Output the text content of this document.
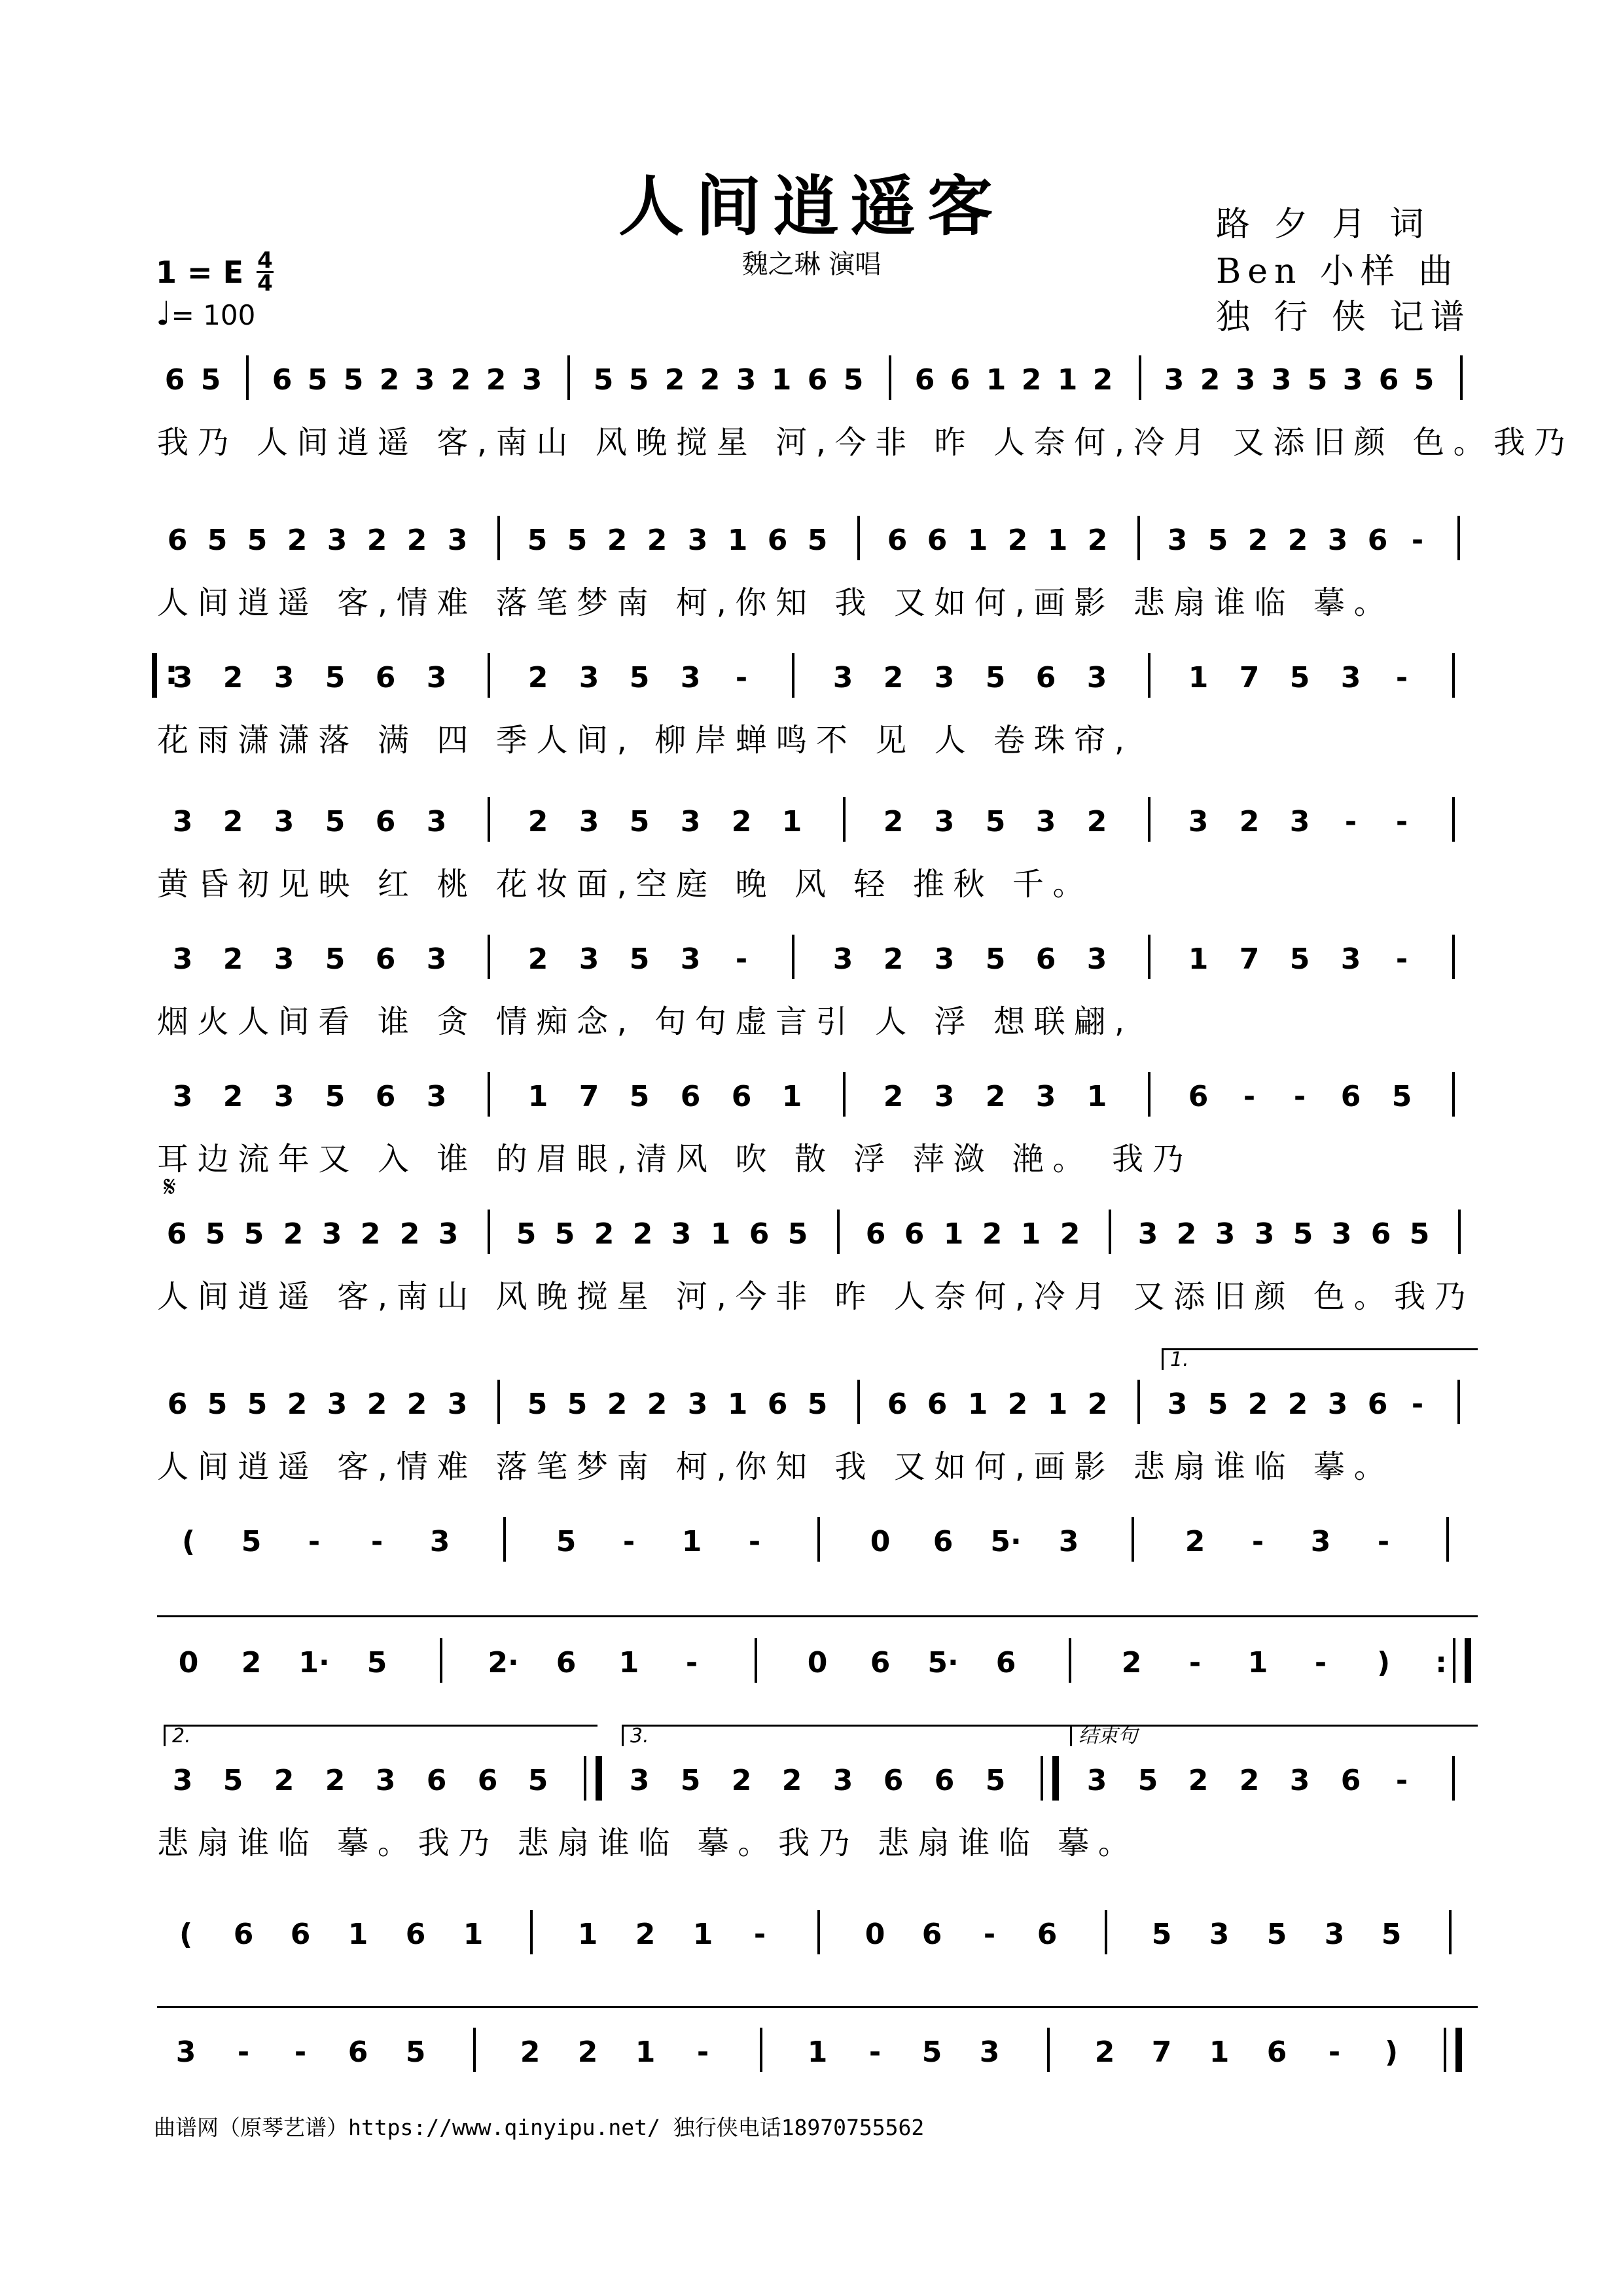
人间逍遥客
魏之琳 演唱
路 夕 月 词
Ben 小样 曲
独 行 侠 记谱
1 = E 4
4
♩= 100
6 5 6 5 5 2 3 2 2 3 5 5 2 2 3 1 6 5 6 6 1 2 1 2 3 2 3 3 5 3 6 5
我乃 人间逍遥 客,南山 风晚搅星 河,今非 昨 人奈何,冷月 又添旧颜 色。我乃
6 5 5 2 3 2 2 3 5 5 2 2 3 1 6 5 6 6 1 2 1 2 3 5 2 2 3 6 -
人间逍遥 客,情难 落笔梦南 柯,你知 我 又如何,画影 悲扇谁临 摹。
:
3 2 3 5 6 3	2 3 5 3	-	3 2 3 5 6 3	1 7 5 3	-
花雨潇潇落 满 四 季人间, 柳岸蝉鸣不 见 人 卷珠帘,
3 2 3 5 6 3	2 3 5 3 2 1	2 3 5 3 2	3 2 3	-	-
黄昏初见映 红 桃 花妆面,空庭 晚 风 轻 推秋 千。
3 2 3 5 6 3	2 3 5 3	-	3 2 3 5 6 3	1 7 5 3	-
烟火人间看 谁 贪 情痴念, 句句虚言引 人 浮 想联翩,
3 2 3 5 6 3	1 7 5 6 6 1	2 3 2 3 1	6	-	-	6 5
耳边流年又 入 谁 的眉眼,清风 吹 散 浮 萍潋 滟。 我乃
𝄋
6 5 5 2 3 2 2 3 5 5 2 2 3 1 6 5 6 6 1 2 1 2 3 2 3 3 5 3 6 5
人间逍遥 客,南山 风晚搅星 河,今非 昨 人奈何,冷月 又添旧颜 色。我乃
1.
6 5 5 2 3 2 2 3 5 5 2 2 3 1 6 5 6 6 1 2 1 2 3 5 2 2 3 6 -
人间逍遥 客,情难 落笔梦南 柯,你知 我 又如何,画影 悲扇谁临 摹。
(	5	-	-	3	5	-	1	-	0 6 5· 3	2	-	3	-
0 2 1· 5	2· 6 1	-	0 6 5· 6	2	-	1	-	)	:
2.	3.	结束句
3 5 2 2 3 6 6 5	3 5 2 2 3 6 6 5	3 5 2 2 3 6	-
悲扇谁临 摹。我乃 悲扇谁临 摹。我乃 悲扇谁临 摹。
(	6 6 1 6 1	1 2 1	-	0 6	-	6	5 3 5 3 5
3	-	-	6 5	2 2 1	-	1	-	5 3	2 7 1 6	-	)
曲谱网（原琴艺谱）https://www.qinyipu.net/ 独行侠电话18970755562
